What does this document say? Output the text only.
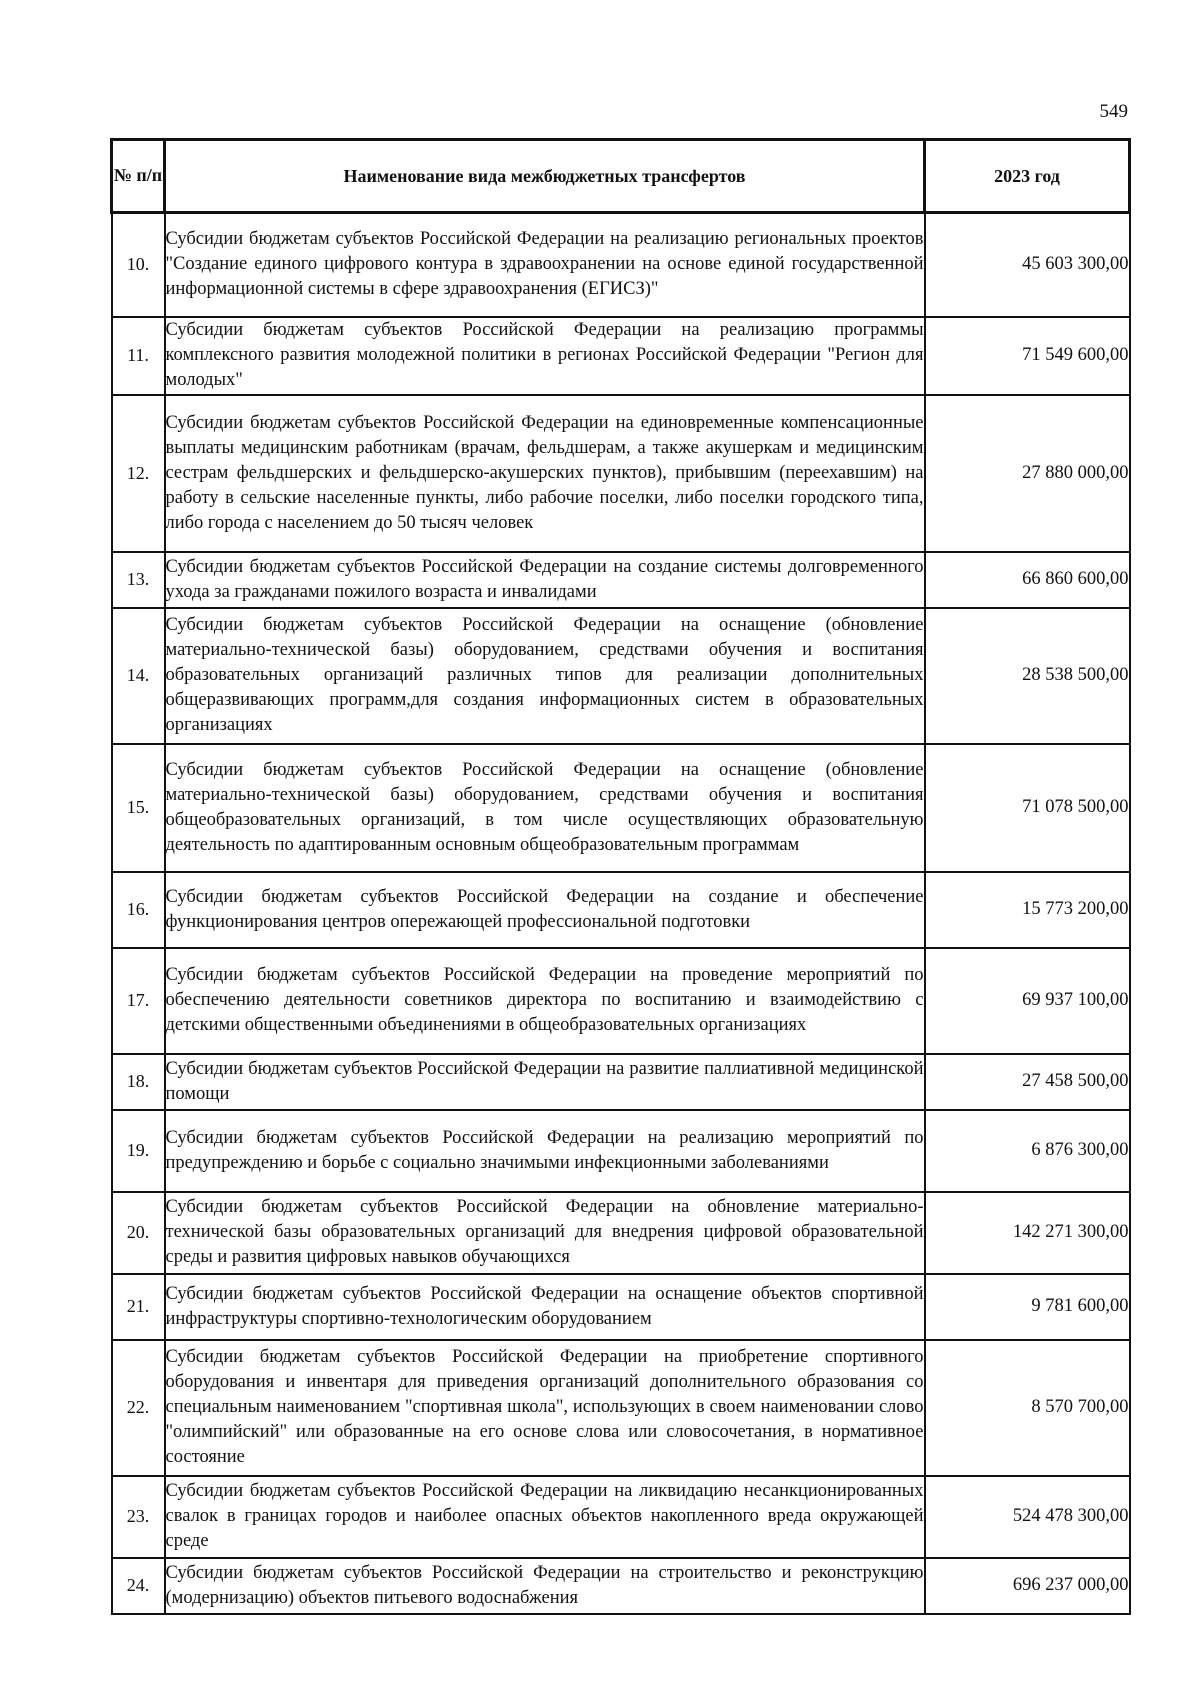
549
№ п/п	Наименование вида межбюджетных трансфертов	2023 год
10.	Субсидии бюджетам субъектов Российской Федерации на реализацию региональных проектов "Создание единого цифрового контура в здравоохранении на основе единой государственной информационной системы в сфере здравоохранения (ЕГИСЗ)"	45 603 300,00
11.	Субсидии бюджетам субъектов Российской Федерации на реализацию программы комплексного развития молодежной политики в регионах Российской Федерации "Регион для молодых"	71 549 600,00
12.	Субсидии бюджетам субъектов Российской Федерации на единовременные компенсационные выплаты медицинским работникам (врачам, фельдшерам, а также акушеркам и медицинским сестрам фельдшерских и фельдшерско-акушерских пунктов), прибывшим (переехавшим) на работу в сельские населенные пункты, либо рабочие поселки, либо поселки городского типа, либо города с населением до 50 тысяч человек	27 880 000,00
13.	Субсидии бюджетам субъектов Российской Федерации на создание системы долговременного ухода за гражданами пожилого возраста и инвалидами	66 860 600,00
14.	Субсидии бюджетам субъектов Российской Федерации на оснащение (обновление материально-технической базы) оборудованием, средствами обучения и воспитания образовательных организаций различных типов для реализации дополнительных общеразвивающих программ,для создания информационных систем в образовательных организациях	28 538 500,00
15.	Субсидии бюджетам субъектов Российской Федерации на оснащение (обновление материально-технической базы) оборудованием, средствами обучения и воспитания общеобразовательных организаций, в том числе осуществляющих образовательную деятельность по адаптированным основным общеобразовательным программам	71 078 500,00
16.	Субсидии бюджетам субъектов Российской Федерации на создание и обеспечение функционирования центров опережающей профессиональной подготовки	15 773 200,00
17.	Субсидии бюджетам субъектов Российской Федерации на проведение мероприятий по обеспечению деятельности советников директора по воспитанию и взаимодействию с детскими общественными объединениями в общеобразовательных организациях	69 937 100,00
18.	Субсидии бюджетам субъектов Российской Федерации на развитие паллиативной медицинской помощи	27 458 500,00
19.	Субсидии бюджетам субъектов Российской Федерации на реализацию мероприятий по предупреждению и борьбе с социально значимыми инфекционными заболеваниями	6 876 300,00
20.	Субсидии бюджетам субъектов Российской Федерации на обновление материально-технической базы образовательных организаций для внедрения цифровой образовательной среды и развития цифровых навыков обучающихся	142 271 300,00
21.	Субсидии бюджетам субъектов Российской Федерации на оснащение объектов спортивной инфраструктуры спортивно-технологическим оборудованием	9 781 600,00
22.	Субсидии бюджетам субъектов Российской Федерации на приобретение спортивного оборудования и инвентаря для приведения организаций дополнительного образования со специальным наименованием "спортивная школа", использующих в своем наименовании слово "олимпийский" или образованные на его основе слова или словосочетания, в нормативное состояние	8 570 700,00
23.	Субсидии бюджетам субъектов Российской Федерации на ликвидацию несанкционированных свалок в границах городов и наиболее опасных объектов накопленного вреда окружающей среде	524 478 300,00
24.	Субсидии бюджетам субъектов Российской Федерации на строительство и реконструкцию (модернизацию) объектов питьевого водоснабжения	696 237 000,00
